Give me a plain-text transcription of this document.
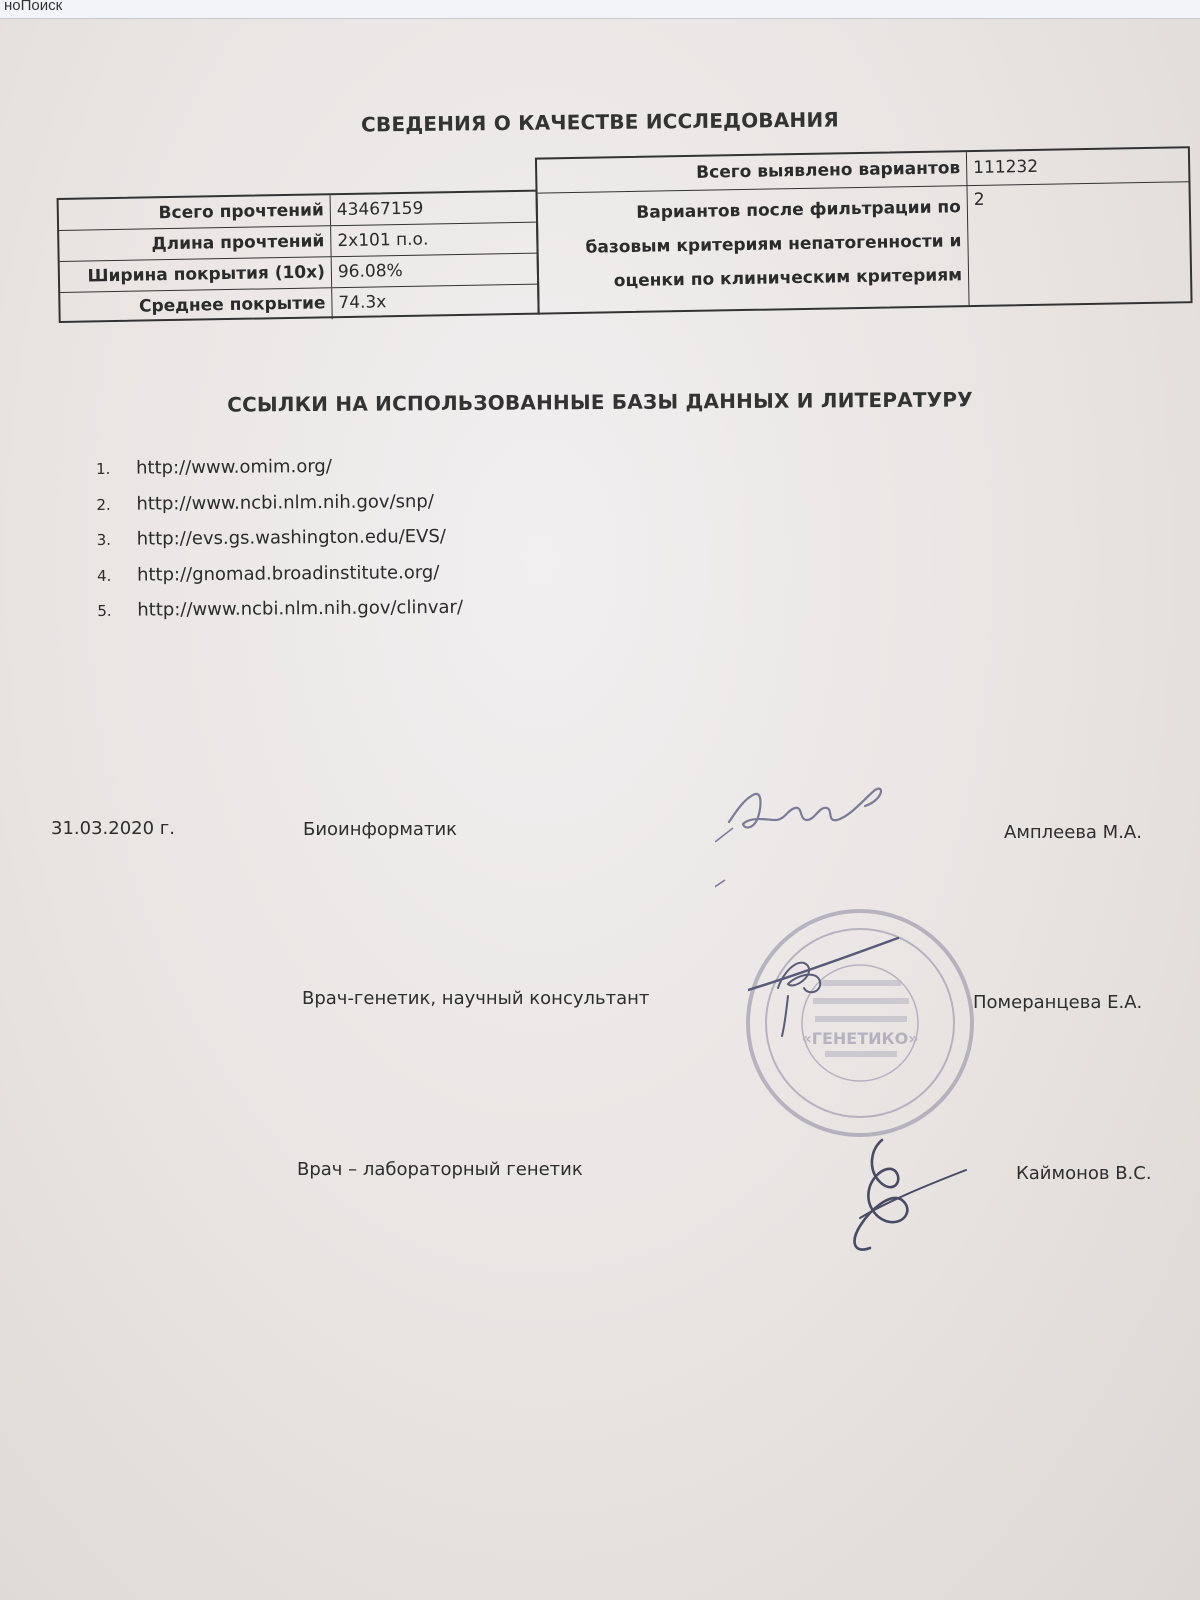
ноПоиск
СВЕДЕНИЯ О КАЧЕСТВЕ ИССЛЕДОВАНИЯ
Всего прочтений 43467159
Длина прочтений 2x101 п.о.
Ширина покрытия (10x) 96.08%
Среднее покрытие 74.3x
Всего выявлено вариантов 111232
Вариантов после фильтрации по
базовым критериям непатогенности и
оценки по клиническим критериям
2
ССЫЛКИ НА ИСПОЛЬЗОВАННЫЕ БАЗЫ ДАННЫХ И ЛИТЕРАТУРУ
1. http://www.omim.org/
2. http://www.ncbi.nlm.nih.gov/snp/
3. http://evs.gs.washington.edu/EVS/
4. http://gnomad.broadinstitute.org/
5. http://www.ncbi.nlm.nih.gov/clinvar/
31.03.2020 г.	Биоинформатик	Амплеева М.А.
Врач-генетик, научный консультант	Померанцева Е.А.
Врач – лабораторный генетик	Каймонов В.С.
«ГЕНЕТИКО»
